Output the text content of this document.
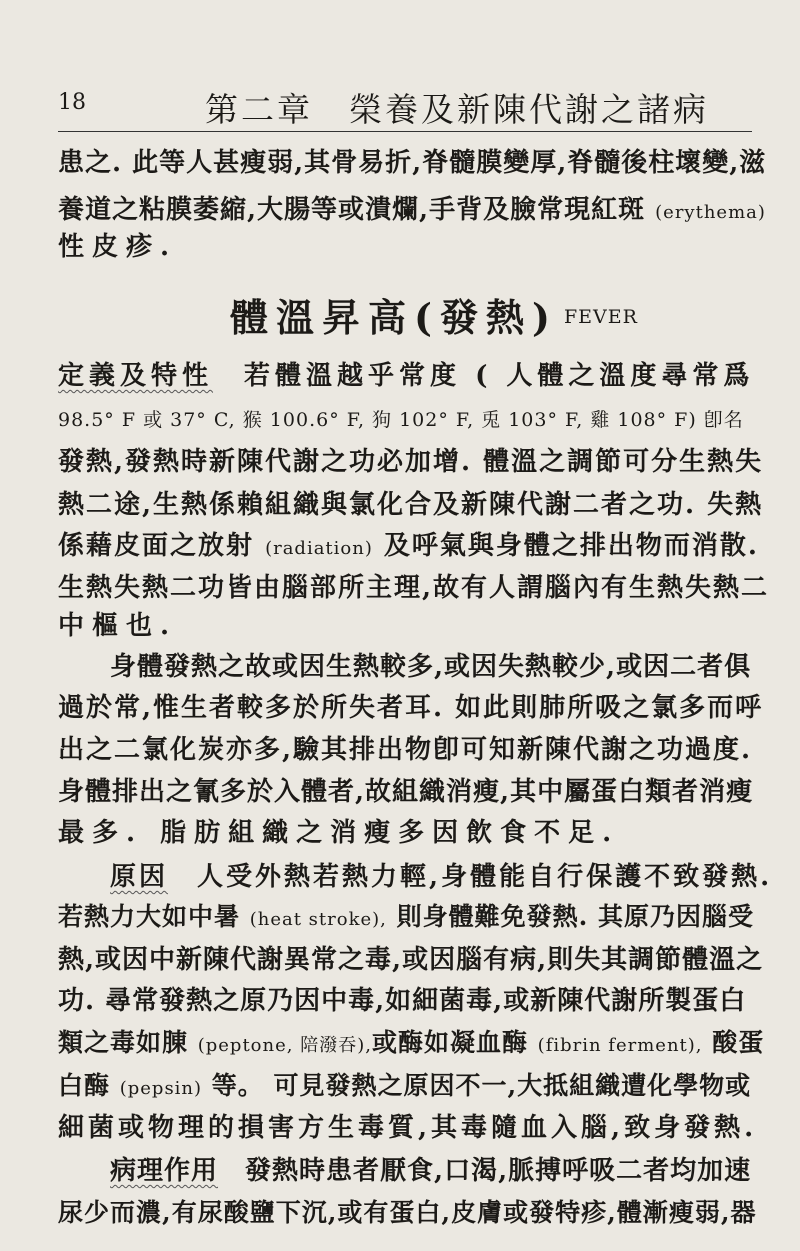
18	第二章　榮養及新陳代謝之諸病
患之. 此等人甚瘦弱,其骨易折,脊髓膜變厚,脊髓後柱壞變,滋
養道之粘膜萎縮,大腸等或潰爛,手背及臉常現紅斑 (erythema)
性皮疹.
體溫昇高(發熱) $^{FEVER}$
定義及特性　若體溫越乎常度 ( 人體之溫度尋常爲
98.5° F 或 37° C, 猴 100.6° F, 狗 102° F, 兎 103° F, 雞 108° F) 卽名
發熱,發熱時新陳代謝之功必加增. 體溫之調節可分生熱失
熱二途,生熱係賴組織與氯化合及新陳代謝二者之功. 失熱
係藉皮面之放射 (radiation) 及呼氣與身體之排出物而消散.
生熱失熱二功皆由腦部所主理,故有人謂腦內有生熱失熱二
中樞也.
身體發熱之故或因生熱較多,或因失熱較少,或因二者俱
過於常,惟生者較多於所失者耳. 如此則肺所吸之氯多而呼
出之二氯化炭亦多,驗其排出物卽可知新陳代謝之功過度.
身體排出之氰多於入體者,故組織消瘦,其中屬蛋白類者消瘦
最多. 脂肪組織之消瘦多因飲食不足.
原因　人受外熱若熱力輕,身體能自行保護不致發熱.
若熱力大如中暑 (heat stroke), 則身體難免發熱. 其原乃因腦受
熱,或因中新陳代謝異常之毒,或因腦有病,則失其調節體溫之
功. 尋常發熱之原乃因中毒,如細菌毒,或新陳代謝所製蛋白
類之毒如腖 (peptone, 陪潑吞),或酶如凝血酶 (fibrin ferment), 酸蛋
白酶 (pepsin) 等。 可見發熱之原因不一,大抵組織遭化學物或
細菌或物理的損害方生毒質,其毒隨血入腦,致身發熱.
病理作用　發熱時患者厭食,口渴,脈搏呼吸二者均加速
尿少而濃,有尿酸鹽下沉,或有蛋白,皮膚或發特疹,體漸瘦弱,器
